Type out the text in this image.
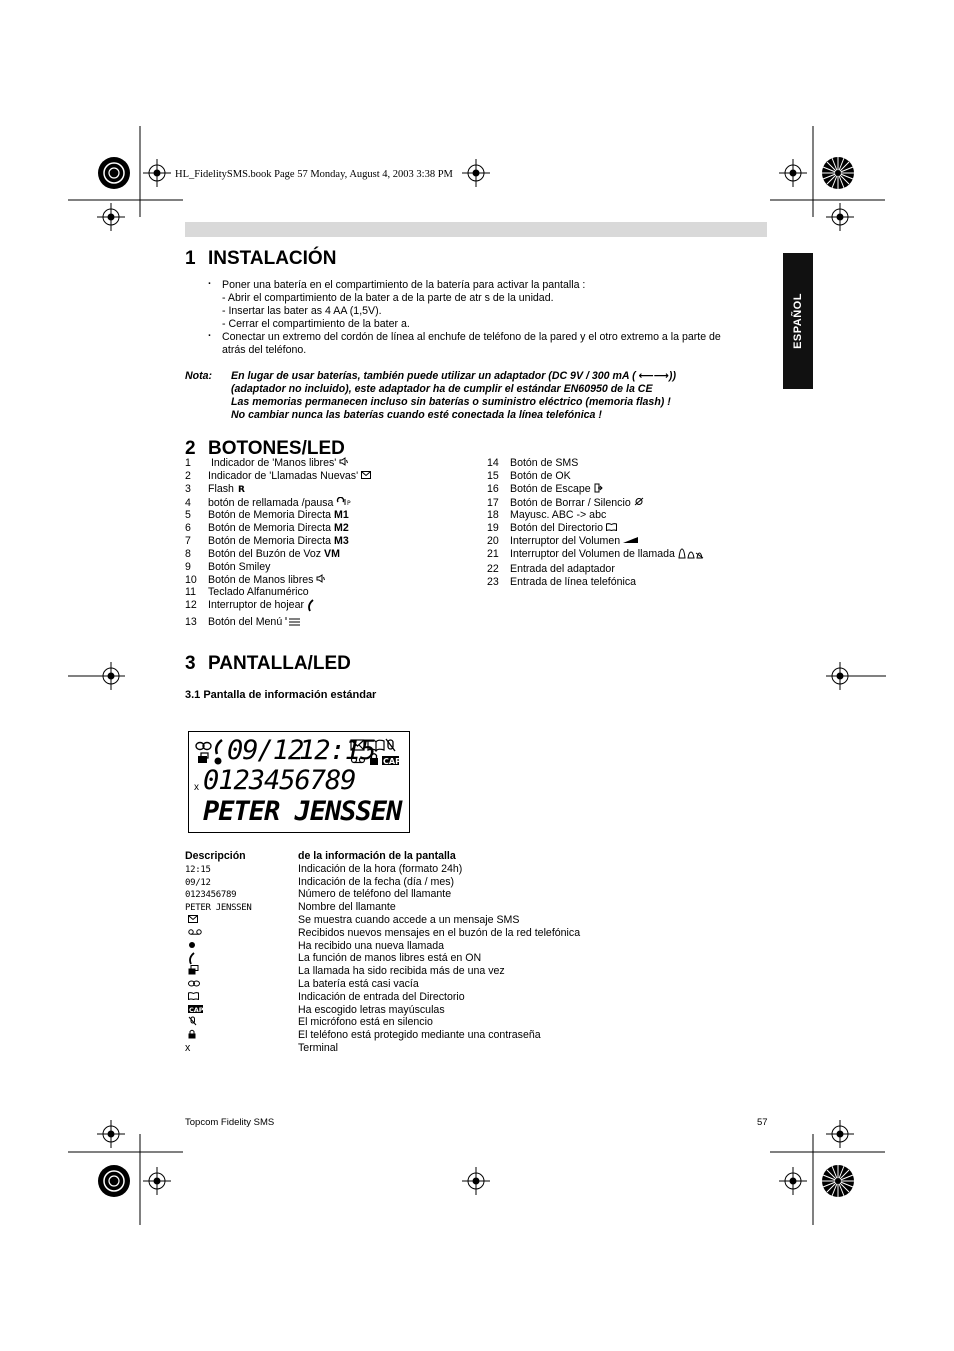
HL_FidelitySMS.book Page 57 Monday, August 4, 2003 3:38 PM
ESPAÑOL
1 INSTALACIÓN
· Poner una batería en el compartimiento de la batería para activar la pantalla :
- Abrir el compartimiento de la bater a de la parte de atr s de la unidad.
- Insertar las bater as 4 AA (1,5V).
- Cerrar el compartimiento de la bater a.
· Conectar un extremo del cordón de línea al enchufe de teléfono de la pared y el otro extremo a la parte de
atrás del teléfono.
Nota: En lugar de usar baterías, también puede utilizar un adaptador (DC 9V / 300 mA ( ⟵⟶))
(adaptador no incluido), este adaptador ha de cumplir el estándar EN60950 de la CE
Las memorias permanecen incluso sin baterías o suministro eléctrico (memoria flash) !
No cambiar nunca las baterías cuando esté conectada la línea telefónica !
2 BOTONES/LED
1	Indicador de 'Manos libres'
2	Indicador de 'Llamadas Nuevas'
3	Flash R
4	botón de rellamada /pausa P
5	Botón de Memoria Directa M1
6	Botón de Memoria Directa M2
7	Botón de Memoria Directa M3
8	Botón del Buzón de Voz VM
9	Botón Smiley
10	Botón de Manos libres
11	Teclado Alfanumérico
12	Interruptor de hojear
13	Botón del Menú
14	Botón de SMS
15	Botón de OK
16	Botón de Escape
17	Botón de Borrar / Silencio
18	Mayusc. ABC -> abc
19	Botón del Directorio
20	Interruptor del Volumen
21	Interruptor del Volumen de llamada
22	Entrada del adaptador
23	Entrada de línea telefónica
3 PANTALLA/LED
3.1 Pantalla de información estándar
CAP
09/12
12:15
x 0123456789
PETER JENSSEN
Descripción	de la información de la pantalla
12:15	Indicación de la hora (formato 24h)
09/12	Indicación de la fecha (día / mes)
0123456789	Número de teléfono del llamante
PETER JENSSEN	Nombre del llamante
Se muestra cuando accede a un mensaje SMS
Recibidos nuevos mensajes en el buzón de la red telefónica
Ha recibido una nueva llamada
La función de manos libres está en ON
La llamada ha sido recibida más de una vez
La batería está casi vacía
Indicación de entrada del Directorio
CAP	Ha escogido letras mayúsculas
El micrófono está en silencio
El teléfono está protegido mediante una contraseña
x	Terminal
Topcom Fidelity SMS	57
